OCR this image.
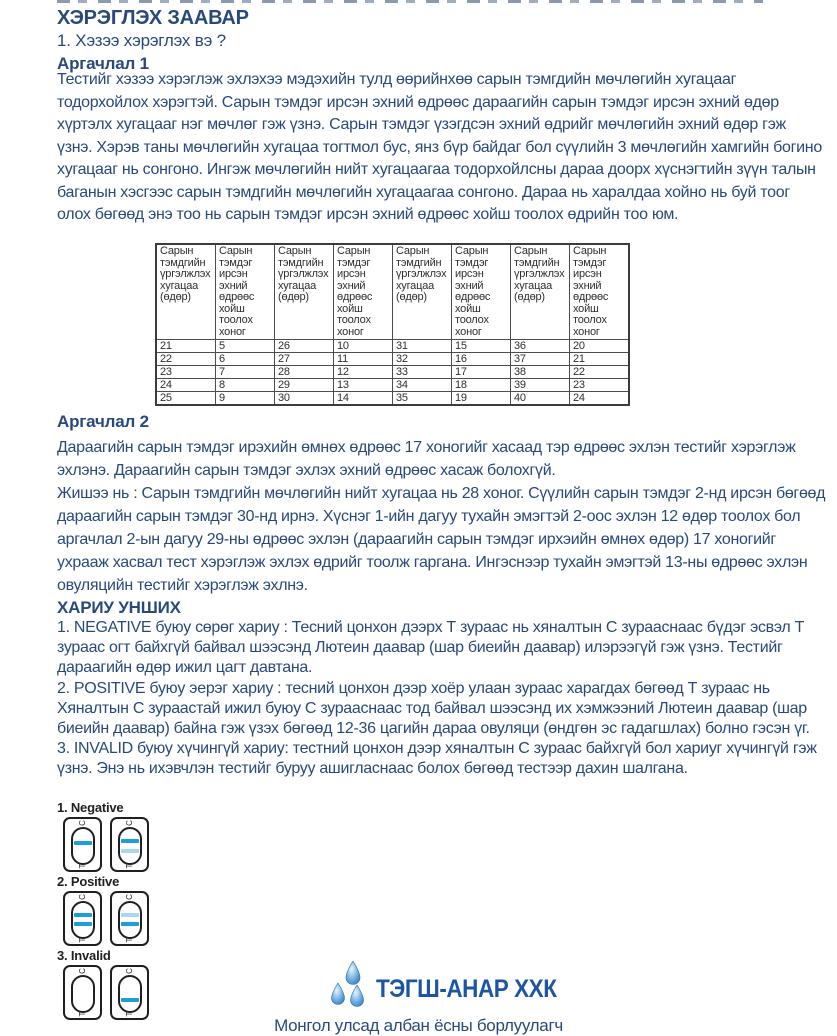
ХЭРЭГЛЭХ ЗААВАР
1. Хэзээ хэрэглэх вэ ?
Аргачлал 1
Тестийг хэзээ хэрэглэж эхлэхээ мэдэхийн тулд өөрийнхөө сарын тэмгдийн мөчлөгийн хугацааг тодорхойлох хэрэгтэй. Сарын тэмдэг ирсэн эхний өдрөөс дараагийн сарын тэмдэг ирсэн эхний өдөр хүртэлх хугацааг нэг мөчлөг гэж үзнэ. Сарын тэмдэг үзэгдсэн эхний өдрийг мөчлөгийн эхний өдөр гэж үзнэ. Хэрэв таны мөчлөгийн хугацаа тогтмол бус, янз бүр байдаг бол сүүлийн 3 мөчлөгийн хамгийн богино хугацааг нь сонгоно. Ингэж мөчлөгийн нийт хугацаагаа тодорхойлсны дараа доорх хүснэгтийн зүүн талын баганын хэсгээс сарын тэмдгийн мөчлөгийн хугацаагаа сонгоно. Дараа нь харалдаа хойно нь буй тоог олох бөгөөд энэ тоо нь сарын тэмдэг ирсэн эхний өдрөөс хойш тоолох өдрийн тоо юм.
Сарын тэмдгийн үргэлжлэх хугацаа (өдөр)	Сарын тэмдэг ирсэн эхний өдрөөс хойш тоолох хоног	Сарын тэмдгийн үргэлжлэх хугацаа (өдөр)	Сарын тэмдэг ирсэн эхний өдрөөс хойш тоолох хоног	Сарын тэмдгийн үргэлжлэх хугацаа (өдөр)	Сарын тэмдэг ирсэн эхний өдрөөс хойш тоолох хоног	Сарын тэмдгийн үргэлжлэх хугацаа (өдөр)	Сарын тэмдэг ирсэн эхний өдрөөс хойш тоолох хоног
21	5	26	10	31	15	36	20
22	6	27	11	32	16	37	21
23	7	28	12	33	17	38	22
24	8	29	13	34	18	39	23
25	9	30	14	35	19	40	24
Аргачлал 2
Дараагийн сарын тэмдэг ирэхийн өмнөх өдрөөс 17 хоногийг хасаад тэр өдрөөс эхлэн тестийг хэрэглэж эхлэнэ. Дараагийн сарын тэмдэг эхлэх эхний өдрөөс хасаж болохгүй.
Жишээ нь : Сарын тэмдгийн мөчлөгийн нийт хугацаа нь 28 хоног. Сүүлийн сарын тэмдэг 2-нд ирсэн бөгөөд дараагийн сарын тэмдэг 30-нд ирнэ. Хүснэг 1-ийн дагуу тухайн эмэгтэй 2-оос эхлэн 12 өдөр тоолох бол аргачлал 2-ын дагуу 29-ны өдрөөс эхлэн (дараагийн сарын тэмдэг ирхэийн өмнөх өдөр) 17 хоногийг ухрааж хасвал тест хэрэглэж эхлэх өдрийг тоолж гаргана. Ингэснээр тухайн эмэгтэй 13-ны өдрөөс эхлэн овуляцийн тестийг хэрэглэж эхлнэ.
ХАРИУ УНШИХ
1. NEGATIVE буюу сөрөг хариу : Тесний цонхон дээрх Т зураас нь хяналтын С зурааснаас бүдэг эсвэл Т зураас огт байхгүй байвал шээсэнд Лютеин даавар (шар биеийн даавар) илэрээгүй гэж үзнэ. Тестийг дараагийн өдөр ижил цагт давтана.
2. POSITIVE буюу эерэг хариу : тесний цонхон дээр хоёр улаан зураас харагдах бөгөөд Т зураас нь Хяналтын С зураастай ижил буюу С зурааснаас тод байвал шээсэнд их хэмжээний Лютеин даавар (шар биеийн даавар) байна гэж үзэх бөгөөд 12-36 цагийн дараа овуляци (өндгөн эс гадагшлах) болно гэсэн үг.
3. INVALID буюу хүчингүй хариу: тестний цонхон дээр хяналтын С зураас байхгүй бол хариуг хүчингүй гэж үзнэ. Энэ нь ихэвчлэн тестийг буруу ашигласнаас болох бөгөөд тестээр дахин шалгана.
1. Negative
C
T
C
T
2. Positive
C
T
C
T
3. Invalid
C
T
C
T
ТЭГШ-АНАР ХХК
Монгол улсад албан ёсны борлуулагч
